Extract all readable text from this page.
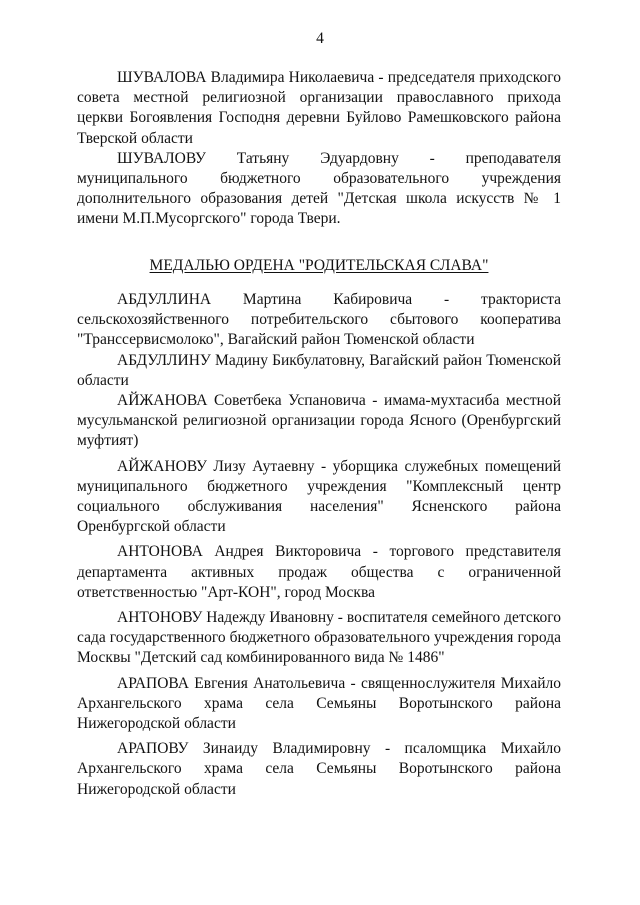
4

ШУВАЛОВА Владимира Николаевича - председателя приходского совета местной религиозной организации православного прихода церкви Богоявления Господня деревни Буйлово Рамешковского района Тверской области

ШУВАЛОВУ Татьяну Эдуардовну - преподавателя муниципального бюджетного образовательного учреждения дополнительного образования детей "Детская школа искусств № 1 имени М.П.Мусоргского" города Твери.

МЕДАЛЬЮ ОРДЕНА "РОДИТЕЛЬСКАЯ СЛАВА"

АБДУЛЛИНА Мартина Кабировича - тракториста сельскохозяйственного потребительского сбытового кооператива "Транссервисмолоко", Вагайский район Тюменской области

АБДУЛЛИНУ Мадину Бикбулатовну, Вагайский район Тюменской области

АЙЖАНОВА Советбека Успановича - имама-мухтасиба местной мусульманской религиозной организации города Ясного (Оренбургский муфтият)

АЙЖАНОВУ Лизу Аутаевну - уборщика служебных помещений муниципального бюджетного учреждения "Комплексный центр социального обслуживания населения" Ясненского района Оренбургской области

АНТОНОВА Андрея Викторовича - торгового представителя департамента активных продаж общества с ограниченной ответственностью "Арт-КОН", город Москва

АНТОНОВУ Надежду Ивановну - воспитателя семейного детского сада государственного бюджетного образовательного учреждения города Москвы "Детский сад комбинированного вида № 1486"

АРАПОВА Евгения Анатольевича - священнослужителя Михайло Архангельского храма села Семьяны Воротынского района Нижегородской области

АРАПОВУ Зинаиду Владимировну - псаломщика Михайло Архангельского храма села Семьяны Воротынского района Нижегородской области
